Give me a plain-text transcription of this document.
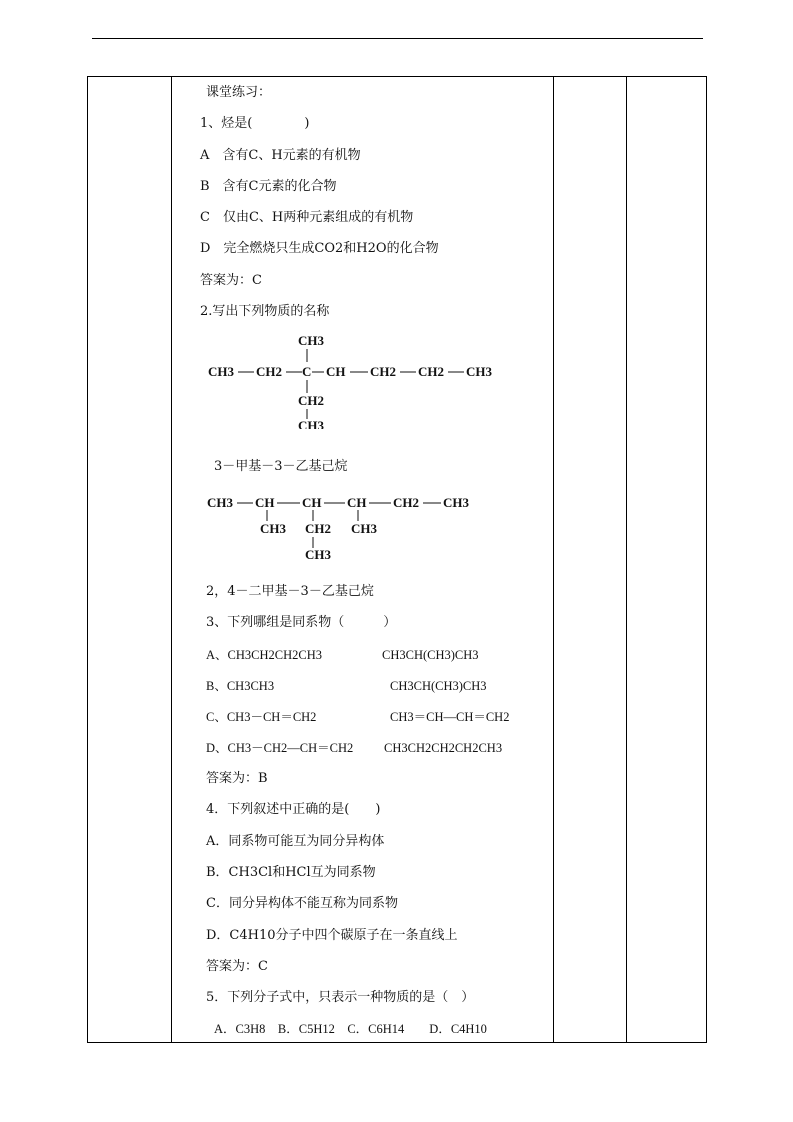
课堂练习：
1、烃是(　　　　)
A　含有C、H元素的有机物
B　含有C元素的化合物
C　仅由C、H两种元素组成的有机物
D　完全燃烧只生成CO2和H2O的化合物
答案为：C
2.写出下列物质的名称
CH3
CH3 CH2 C CH CH2 CH2 CH3
CH2
CH3
3－甲基－3－乙基己烷
CH3 CH CH CH CH2 CH3
CH3 CH2
CH3
CH3
2，4－二甲基－3－乙基己烷
3、下列哪组是同系物（　　　）
A、CH3CH2CH2CH3	CH3CH(CH3)CH3
B、CH3CH3	CH3CH(CH3)CH3
C、CH3－CH＝CH2	CH3＝CH—CH＝CH2
D、CH3－CH2—CH＝CH2 CH3CH2CH2CH2CH3
答案为：B
4．下列叙述中正确的是(　　)
A．同系物可能互为同分异构体
B．CH3Cl和HCl互为同系物
C．同分异构体不能互称为同系物
D．C4H10分子中四个碳原子在一条直线上
答案为：C
5．下列分子式中，只表示一种物质的是（　）
A．C3H8　B．C5H12　C．C6H14　　D．C4H10
